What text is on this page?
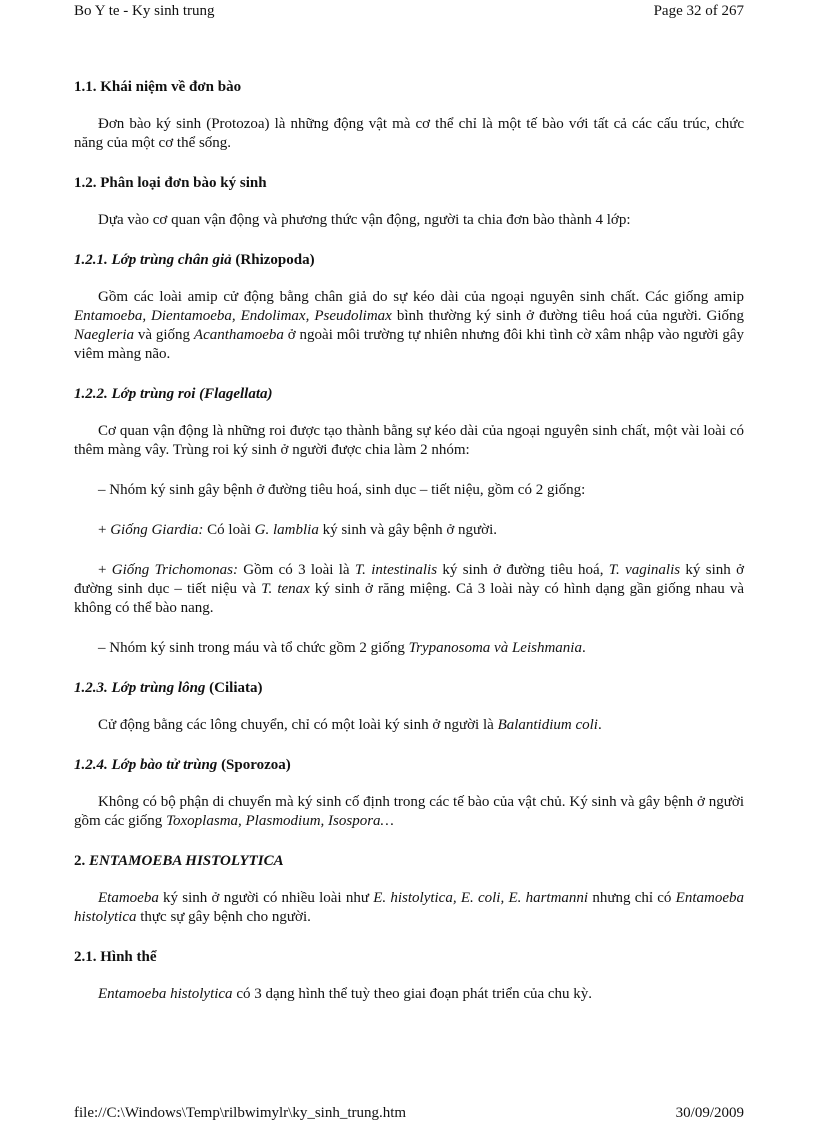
Bo Y te - Ky sinh trung	Page 32 of 267
1.1. Khái niệm về đơn bào

Đơn bào ký sinh (Protozoa) là những động vật mà cơ thể chỉ là một tế bào với tất cả các cấu trúc, chức năng của một cơ thể sống.

1.2. Phân loại đơn bào ký sinh

Dựa vào cơ quan vận động và phương thức vận động, người ta chia đơn bào thành 4 lớp:

1.2.1. Lớp trùng chân giả (Rhizopoda)

Gồm các loài amip cử động bằng chân giả do sự kéo dài của ngoại nguyên sinh chất. Các giống amip Entamoeba, Dientamoeba, Endolimax, Pseudolimax bình thường ký sinh ở đường tiêu hoá của người. Giống Naegleria và giống Acanthamoeba ở ngoài môi trường tự nhiên nhưng đôi khi tình cờ xâm nhập vào người gây viêm màng não.

1.2.2. Lớp trùng roi (Flagellata)

Cơ quan vận động là những roi được tạo thành bằng sự kéo dài của ngoại nguyên sinh chất, một vài loài có thêm màng vây. Trùng roi ký sinh ở người được chia làm 2 nhóm:

– Nhóm ký sinh gây bệnh ở đường tiêu hoá, sinh dục – tiết niệu, gồm có 2 giống:

+ Giống Giardia: Có loài G. lamblia ký sinh và gây bệnh ở người.

+ Giống Trichomonas: Gồm có 3 loài là T. intestinalis ký sinh ở đường tiêu hoá, T. vaginalis ký sinh ở đường sinh dục – tiết niệu và T. tenax ký sinh ở răng miệng. Cả 3 loài này có hình dạng gần giống nhau và không có thể bào nang.

– Nhóm ký sinh trong máu và tổ chức gồm 2 giống Trypanosoma và Leishmania.

1.2.3. Lớp trùng lông (Ciliata)

Cử động bằng các lông chuyển, chỉ có một loài ký sinh ở người là Balantidium coli.

1.2.4. Lớp bào tử trùng (Sporozoa)

Không có bộ phận di chuyển mà ký sinh cố định trong các tế bào của vật chủ. Ký sinh và gây bệnh ở người gồm các giống Toxoplasma, Plasmodium, Isospora…

2. ENTAMOEBA HISTOLYTICA

Etamoeba ký sinh ở người có nhiều loài như E. histolytica, E. coli, E. hartmanni nhưng chỉ có Entamoeba histolytica thực sự gây bệnh cho người.

2.1. Hình thể

Entamoeba histolytica có 3 dạng hình thể tuỳ theo giai đoạn phát triển của chu kỳ.

file://C:\Windows\Temp\rilbwimylr\ky_sinh_trung.htm	30/09/2009
